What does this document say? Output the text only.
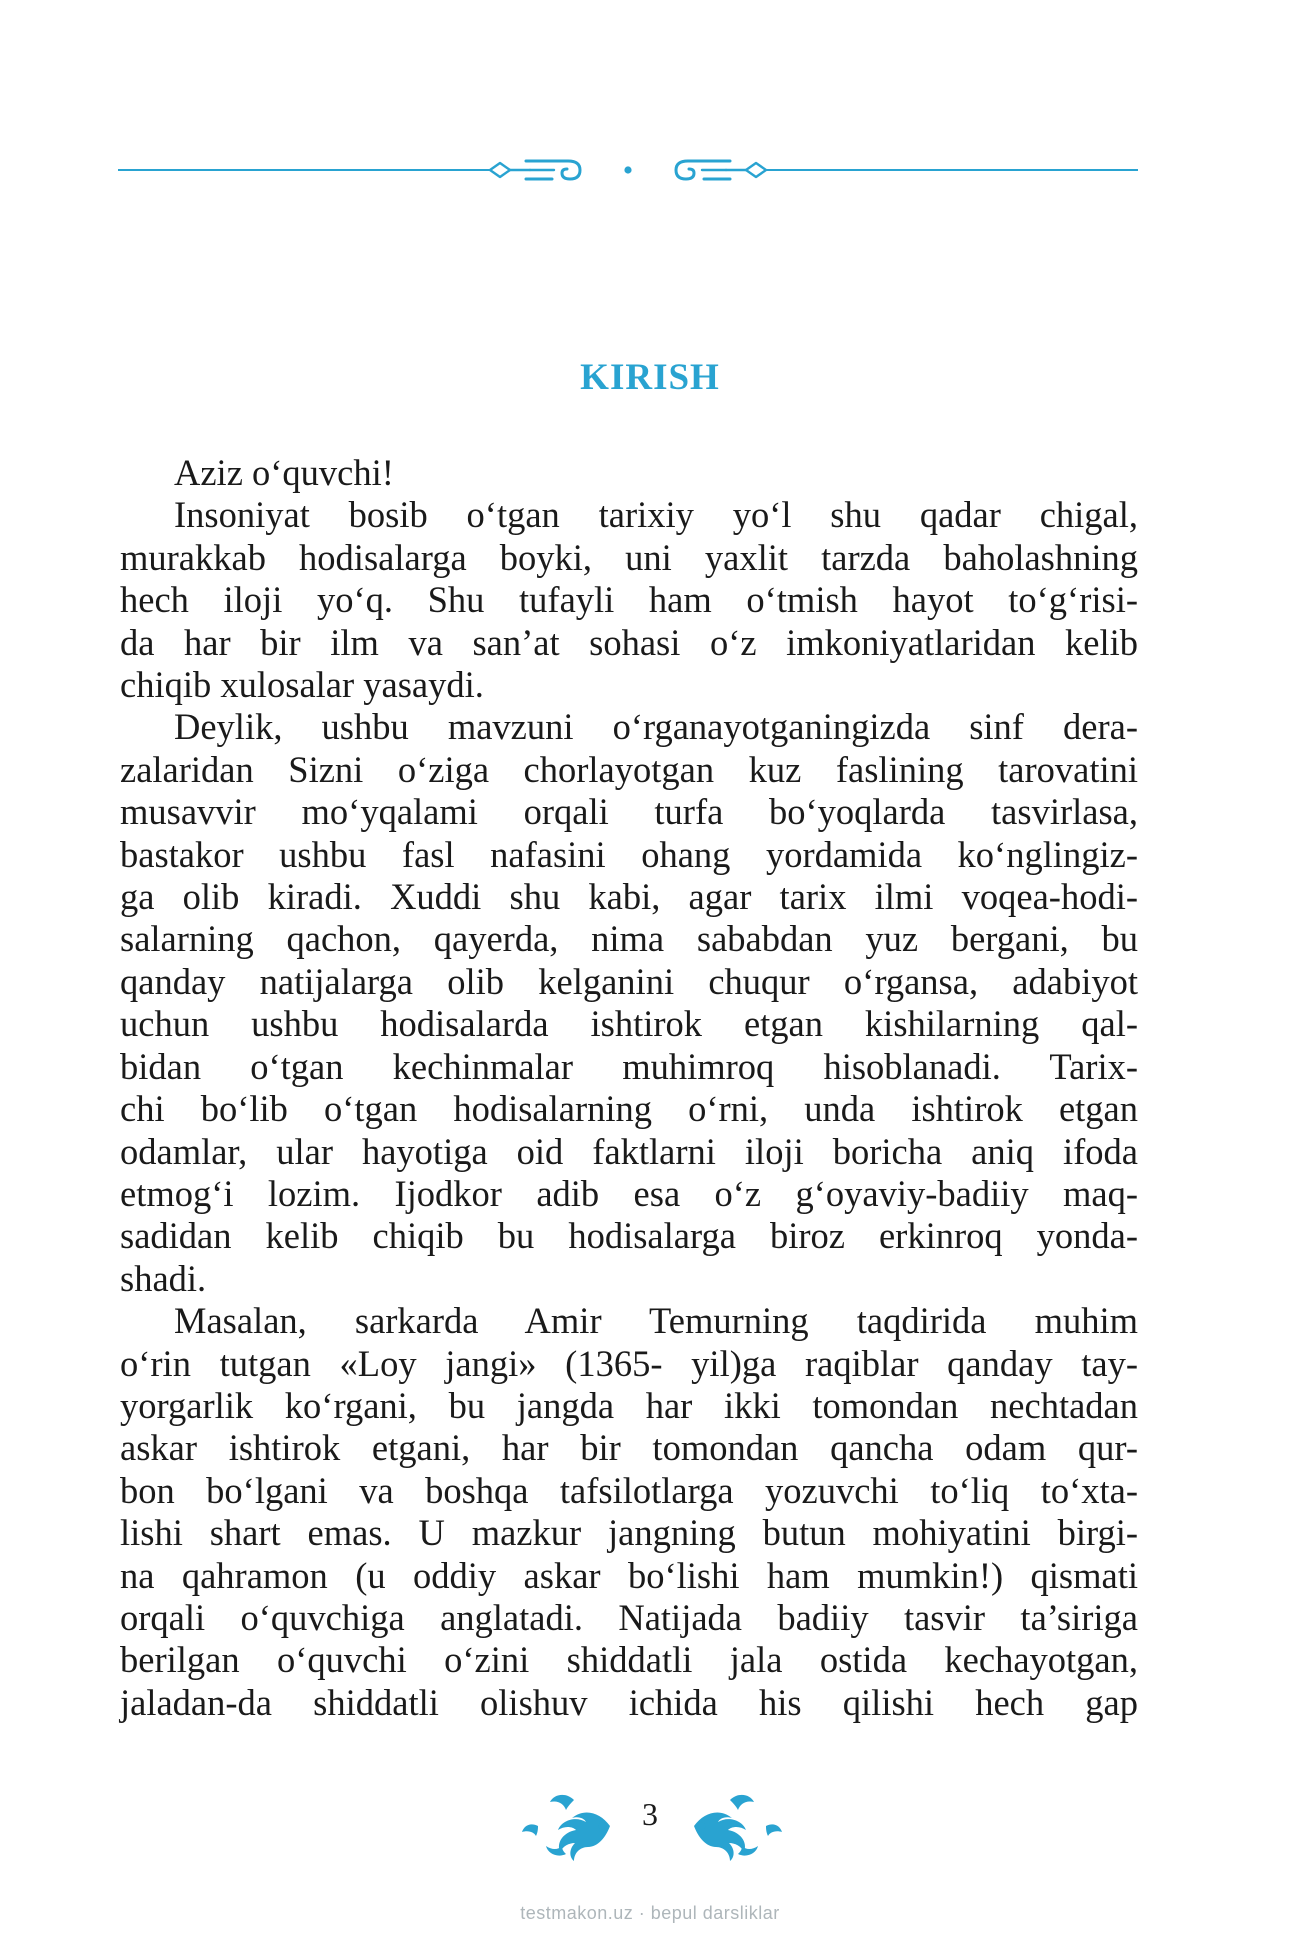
KIRISH
Aziz o‘quvchi!
Insoniyat bosib o‘tgan tarixiy yo‘l shu qadar chigal,
murakkab hodisalarga boyki, uni yaxlit tarzda baholashning
hech iloji yo‘q. Shu tufayli ham o‘tmish hayot to‘g‘risi-
da har bir ilm va san’at sohasi o‘z imkoniyatlaridan kelib
chiqib xulosalar yasaydi.
Deylik, ushbu mavzuni o‘rganayotganingizda sinf dera-
zalaridan Sizni o‘ziga chorlayotgan kuz faslining tarovatini
musavvir mo‘yqalami orqali turfa bo‘yoqlarda tasvirlasa,
bastakor ushbu fasl nafasini ohang yordamida ko‘nglingiz-
ga olib kiradi. Xuddi shu kabi, agar tarix ilmi voqea-hodi-
salarning qachon, qayerda, nima sababdan yuz bergani, bu
qanday natijalarga olib kelganini chuqur o‘rgansa, adabiyot
uchun ushbu hodisalarda ishtirok etgan kishilarning qal-
bidan o‘tgan kechinmalar muhimroq hisoblanadi. Tarix-
chi bo‘lib o‘tgan hodisalarning o‘rni, unda ishtirok etgan
odamlar, ular hayotiga oid faktlarni iloji boricha aniq ifoda
etmog‘i lozim. Ijodkor adib esa o‘z g‘oyaviy-badiiy maq-
sadidan kelib chiqib bu hodisalarga biroz erkinroq yonda-
shadi.
Masalan, sarkarda Amir Temurning taqdirida muhim
o‘rin tutgan «Loy jangi» (1365- yil)ga raqiblar qanday tay-
yorgarlik ko‘rgani, bu jangda har ikki tomondan nechtadan
askar ishtirok etgani, har bir tomondan qancha odam qur-
bon bo‘lgani va boshqa tafsilotlarga yozuvchi to‘liq to‘xta-
lishi shart emas. U mazkur jangning butun mohiyatini birgi-
na qahramon (u oddiy askar bo‘lishi ham mumkin!) qismati
orqali o‘quvchiga anglatadi. Natijada badiiy tasvir ta’siriga
berilgan o‘quvchi o‘zini shiddatli jala ostida kechayotgan,
jaladan-da shiddatli olishuv ichida his qilishi hech gap
3
testmakon.uz · bepul darsliklar
